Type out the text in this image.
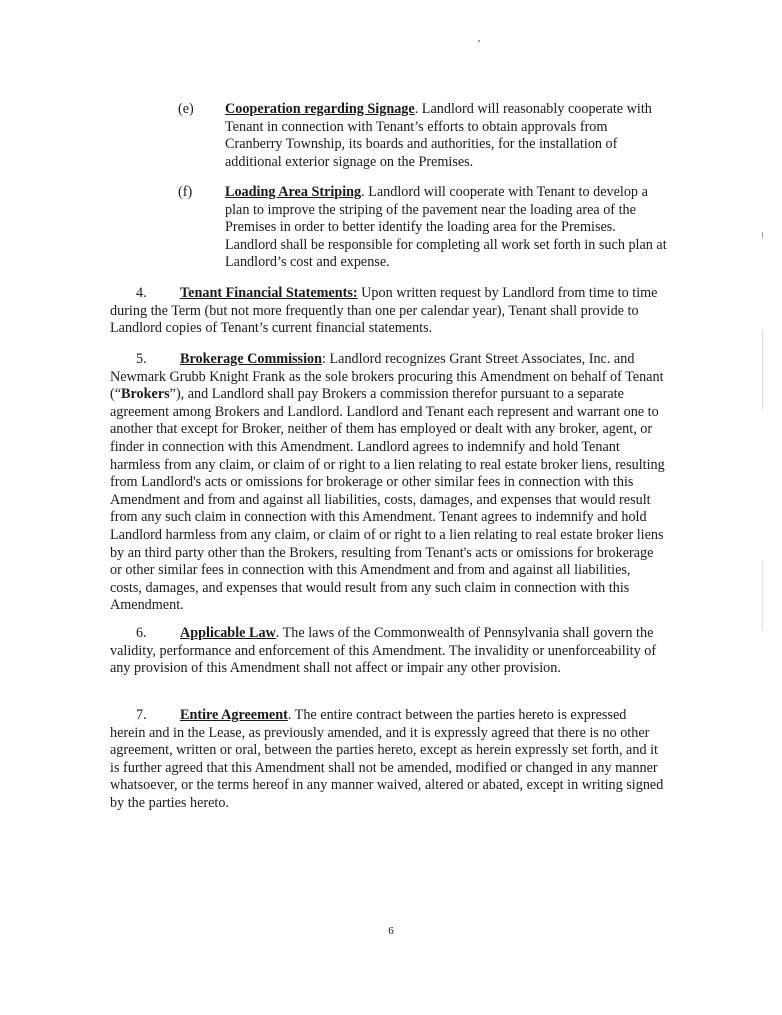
(e) Cooperation regarding Signage. Landlord will reasonably cooperate with Tenant in connection with Tenant’s efforts to obtain approvals from Cranberry Township, its boards and authorities, for the installation of additional exterior signage on the Premises.
(f) Loading Area Striping. Landlord will cooperate with Tenant to develop a plan to improve the striping of the pavement near the loading area of the Premises in order to better identify the loading area for the Premises. Landlord shall be responsible for completing all work set forth in such plan at Landlord’s cost and expense.
4. Tenant Financial Statements: Upon written request by Landlord from time to time during the Term (but not more frequently than one per calendar year), Tenant shall provide to Landlord copies of Tenant’s current financial statements.
5. Brokerage Commission: Landlord recognizes Grant Street Associates, Inc. and Newmark Grubb Knight Frank as the sole brokers procuring this Amendment on behalf of Tenant (“Brokers”), and Landlord shall pay Brokers a commission therefor pursuant to a separate agreement among Brokers and Landlord. Landlord and Tenant each represent and warrant one to another that except for Broker, neither of them has employed or dealt with any broker, agent, or finder in connection with this Amendment. Landlord agrees to indemnify and hold Tenant harmless from any claim, or claim of or right to a lien relating to real estate broker liens, resulting from Landlord's acts or omissions for brokerage or other similar fees in connection with this Amendment and from and against all liabilities, costs, damages, and expenses that would result from any such claim in connection with this Amendment. Tenant agrees to indemnify and hold Landlord harmless from any claim, or claim of or right to a lien relating to real estate broker liens by an third party other than the Brokers, resulting from Tenant's acts or omissions for brokerage or other similar fees in connection with this Amendment and from and against all liabilities, costs, damages, and expenses that would result from any such claim in connection with this Amendment.
6. Applicable Law. The laws of the Commonwealth of Pennsylvania shall govern the validity, performance and enforcement of this Amendment. The invalidity or unenforceability of any provision of this Amendment shall not affect or impair any other provision.
7. Entire Agreement. The entire contract between the parties hereto is expressed herein and in the Lease, as previously amended, and it is expressly agreed that there is no other agreement, written or oral, between the parties hereto, except as herein expressly set forth, and it is further agreed that this Amendment shall not be amended, modified or changed in any manner whatsoever, or the terms hereof in any manner waived, altered or abated, except in writing signed by the parties hereto.
6
